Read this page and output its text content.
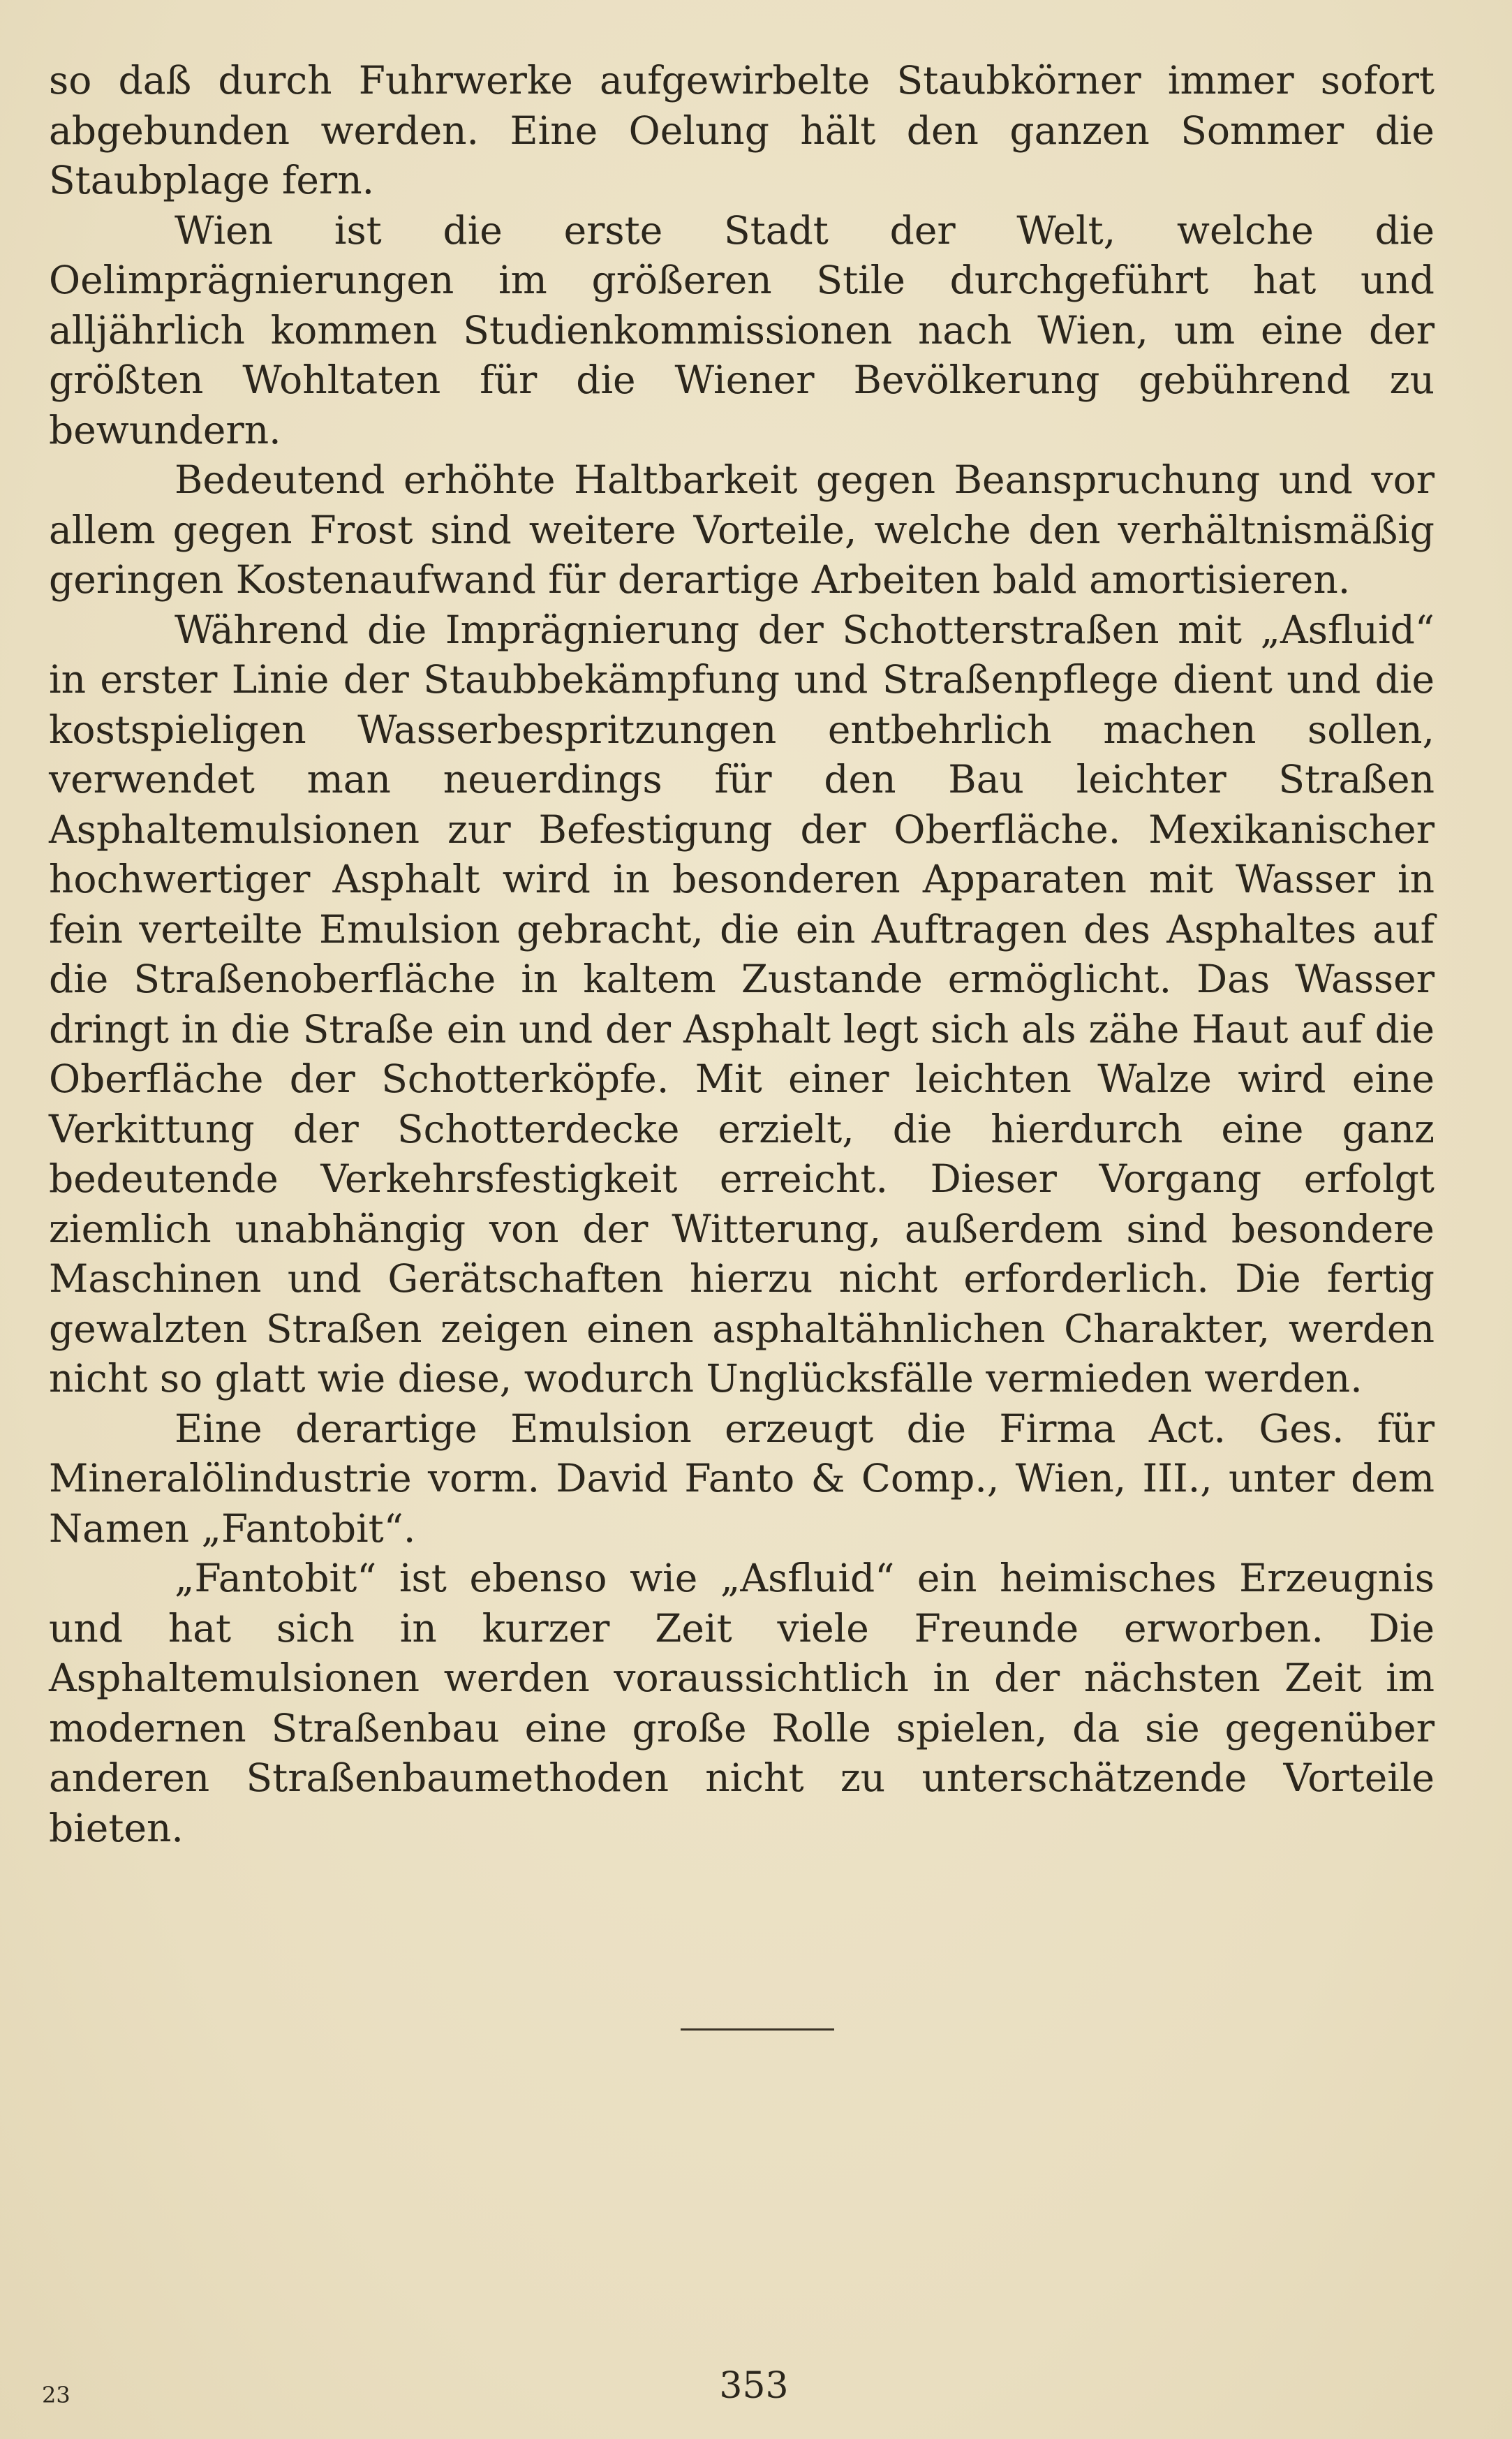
so daß durch Fuhrwerke aufgewirbelte Staubkörner immer sofort abgebunden werden. Eine Oelung hält den ganzen Sommer die Staubplage fern.

Wien ist die erste Stadt der Welt, welche die Oelimprägnierungen im größeren Stile durchgeführt hat und alljährlich kommen Studienkommissionen nach Wien, um eine der größten Wohltaten für die Wiener Bevölkerung gebührend zu bewundern.

Bedeutend erhöhte Haltbarkeit gegen Beanspruchung und vor allem gegen Frost sind weitere Vorteile, welche den verhältnismäßig geringen Kostenaufwand für derartige Arbeiten bald amortisieren.

Während die Imprägnierung der Schotterstraßen mit „Asfluid“ in erster Linie der Staubbekämpfung und Straßenpflege dient und die kostspieligen Wasserbespritzungen entbehrlich machen sollen, verwendet man neuerdings für den Bau leichter Straßen Asphaltemulsionen zur Befestigung der Oberfläche. Mexikanischer hochwertiger Asphalt wird in besonderen Apparaten mit Wasser in fein verteilte Emulsion gebracht, die ein Auftragen des Asphaltes auf die Straßenoberfläche in kaltem Zustande ermöglicht. Das Wasser dringt in die Straße ein und der Asphalt legt sich als zähe Haut auf die Oberfläche der Schotterköpfe. Mit einer leichten Walze wird eine Verkittung der Schotterdecke erzielt, die hierdurch eine ganz bedeutende Verkehrsfestigkeit erreicht. Dieser Vorgang erfolgt ziemlich unabhängig von der Witterung, außerdem sind besondere Maschinen und Gerätschaften hierzu nicht erforderlich. Die fertig gewalzten Straßen zeigen einen asphaltähnlichen Charakter, werden nicht so glatt wie diese, wodurch Unglücksfälle vermieden werden.

Eine derartige Emulsion erzeugt die Firma Act. Ges. für Mineralölindustrie vorm. David Fanto & Comp., Wien, III., unter dem Namen „Fantobit“.

„Fantobit“ ist ebenso wie „Asfluid“ ein heimisches Erzeugnis und hat sich in kurzer Zeit viele Freunde erworben. Die Asphaltemulsionen werden voraussichtlich in der nächsten Zeit im modernen Straßenbau eine große Rolle spielen, da sie gegenüber anderen Straßenbaumethoden nicht zu unterschätzende Vorteile bieten.

23	353
